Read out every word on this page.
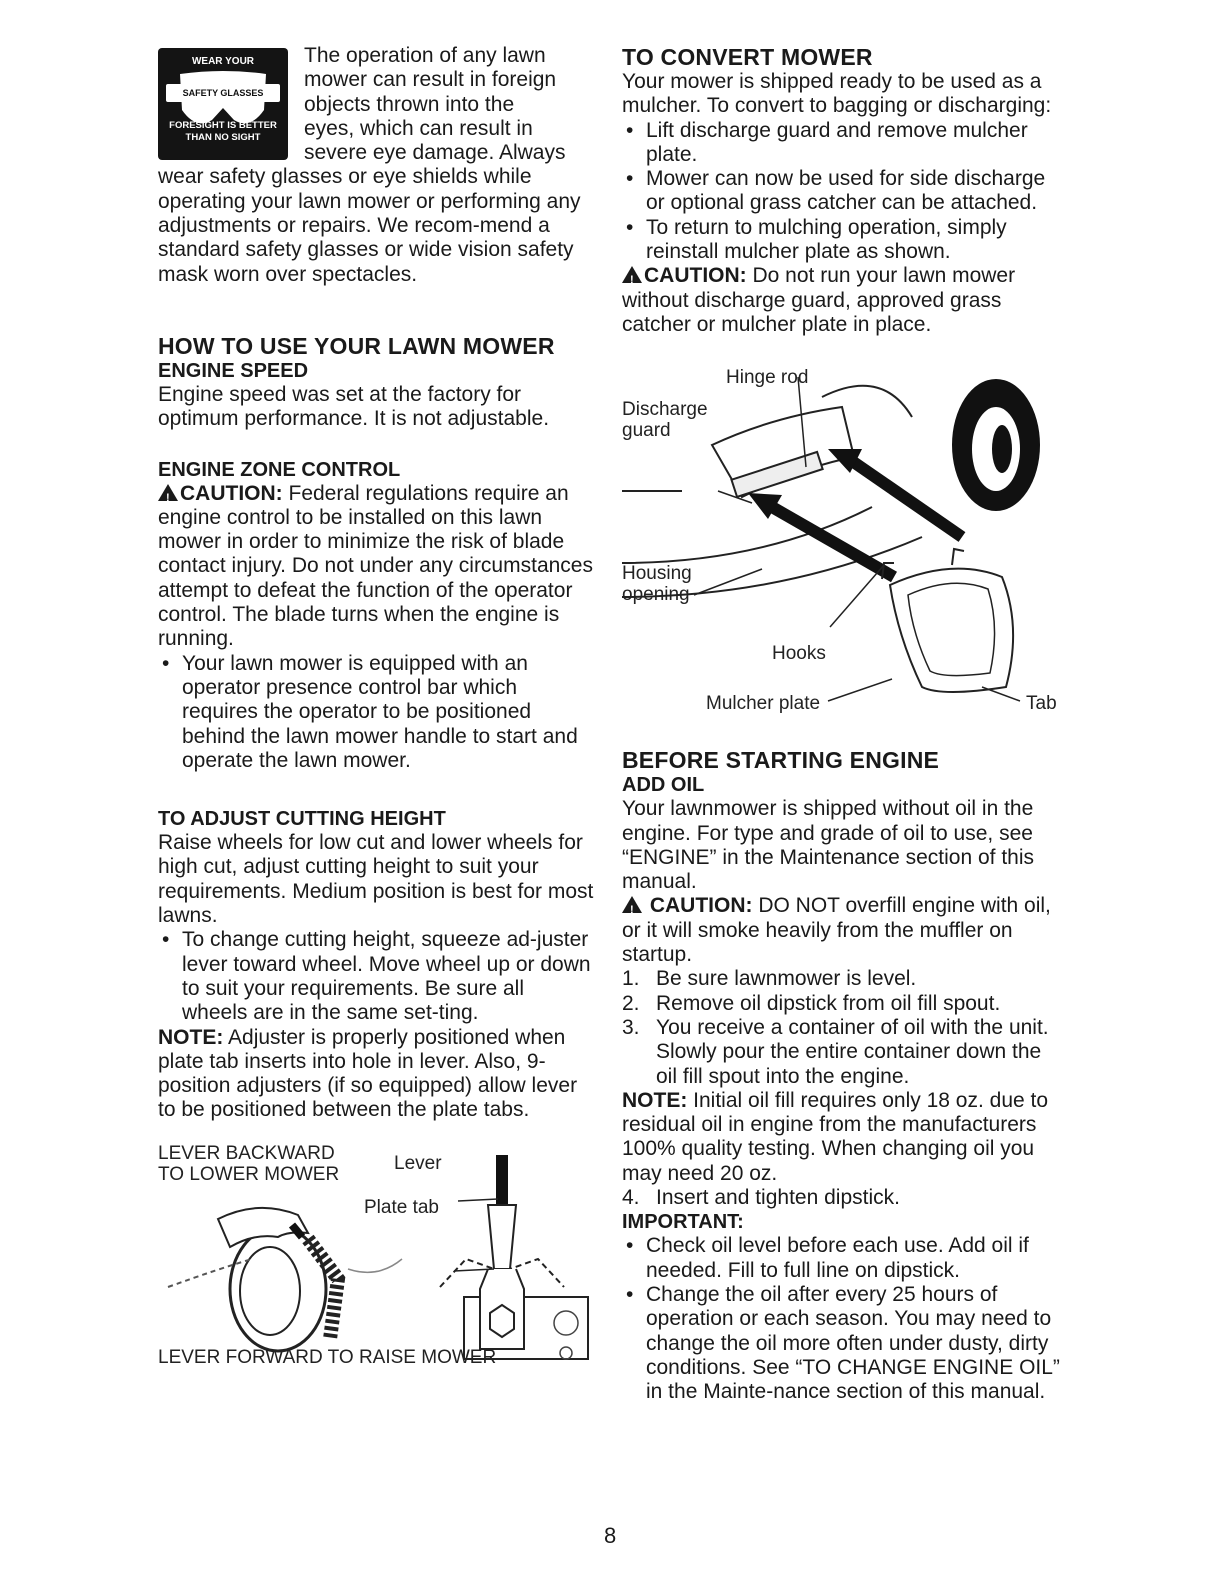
WEAR YOUR
SAFETY GLASSES
FORESIGHT IS BETTER
THAN NO SIGHT

The operation of any lawn

mower can result in foreign

objects thrown into the

eyes, which can result in

severe eye damage. Always

wear safety glasses or eye shields while operating your lawn mower or performing any adjustments or repairs. We recom-mend a standard safety glasses or wide vision safety mask worn over spectacles.

HOW TO USE YOUR LAWN MOWER
ENGINE SPEED

Engine speed was set at the factory for optimum performance. It is not adjustable.

ENGINE ZONE CONTROL

!CAUTION: Federal regulations require an engine control to be installed on this lawn mower in order to minimize the risk of blade contact injury. Do not under any circumstances attempt to defeat the function of the operator control. The blade turns when the engine is running.

• Your lawn mower is equipped with an operator presence control bar which requires the operator to be positioned behind the lawn mower handle to start and operate the lawn mower.
TO ADJUST CUTTING HEIGHT

Raise wheels for low cut and lower wheels for high cut, adjust cutting height to suit your requirements. Medium position is best for most lawns.

• To change cutting height, squeeze ad-juster lever toward wheel. Move wheel up or down to suit your requirements. Be sure all wheels are in the same set-ting.

NOTE: Adjuster is properly positioned when plate tab inserts into hole in lever. Also, 9-position adjusters (if so equipped) allow lever to be positioned between the plate tabs.

LEVER BACKWARD
TO LOWER MOWER
Lever
Plate tab
LEVER FORWARD TO RAISE MOWER
TO CONVERT MOWER

Your mower is shipped ready to be used as a mulcher. To convert to bagging or discharging:

• Lift discharge guard and remove mulcher plate.
• Mower can now be used for side discharge or optional grass catcher can be attached.
• To return to mulching operation, simply reinstall mulcher plate as shown.

!CAUTION: Do not run your lawn mower without discharge guard, approved grass catcher or mulcher plate in place.

Hinge rod
Discharge
guard
Housing
opening
Hooks
Mulcher plate	Tab
BEFORE STARTING ENGINE
ADD OIL

Your lawnmower is shipped without oil in the engine. For type and grade of oil to use, see “ENGINE” in the Maintenance section of this manual.

! CAUTION: DO NOT overfill engine with oil, or it will smoke heavily from the muffler on startup.

1. Be sure lawnmower is level.
2. Remove oil dipstick from oil fill spout.
3. You receive a container of oil with the unit. Slowly pour the entire container down the oil fill spout into the engine.

NOTE: Initial oil fill requires only 18 oz. due to residual oil in engine from the manufacturers 100% quality testing. When changing oil you may need 20 oz.

4. Insert and tighten dipstick.
IMPORTANT:
• Check oil level before each use. Add oil if needed. Fill to full line on dipstick.
• Change the oil after every 25 hours of operation or each season. You may need to change the oil more often under dusty, dirty conditions. See “TO CHANGE ENGINE OIL” in the Mainte-nance section of this manual.
8
